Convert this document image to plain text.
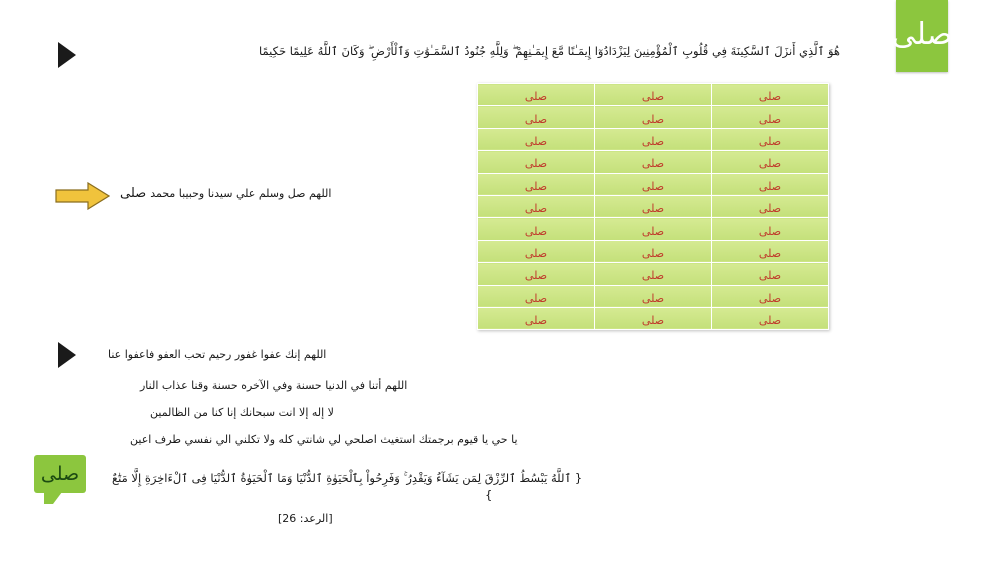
صلى
هُوَ ٱلَّذِي أَنزَلَ ٱلسَّكِينَةَ فِي قُلُوبِ ٱلْمُؤْمِنِينَ لِيَزْدَادُوٓا إِيمَـٰنًا مَّعَ إِيمَـٰنِهِمْ ۖ وَلِلَّهِ جُنُودُ ٱلسَّمَـٰوَٰتِ وَٱلْأَرْضِ ۖ وَكَانَ ٱللَّهُ عَلِيمًا حَكِيمًا
اللهم صل وسلم علي سيدنا وحبيبا محمدصلى
صلى	صلى	صلى
صلى	صلى	صلى
صلى	صلى	صلى
صلى	صلى	صلى
صلى	صلى	صلى
صلى	صلى	صلى
صلى	صلى	صلى
صلى	صلى	صلى
صلى	صلى	صلى
صلى	صلى	صلى
صلى	صلى	صلى
اللهم إنك عفوا غفور رحيم تحب العفو فاعفوا عنا
اللهم أتنا في الدنيا حسنة وفي الآخره حسنة وقنا عذاب النار
لا إله إلا انت سبحانك إنا كنا من الظالمين
يا حي يا قيوم برجمتك استغيث اصلحي لي شانتي كله ولا تكلني الي نفسي طرف اعين
صلى	{ ٱللَّهُ يَبْسُطُ ٱلرِّزْقَ لِمَن يَشَآءُ وَيَقْدِرُ ۚ وَفَرِحُواْ بِٱلْحَيَوٰةِ ٱلدُّنْيَا وَمَا ٱلْحَيَوٰةُ ٱلدُّنْيَا فِى ٱلْءَاخِرَةِ إِلَّا مَتَٰعٌ
}
[الرعد: 26]
